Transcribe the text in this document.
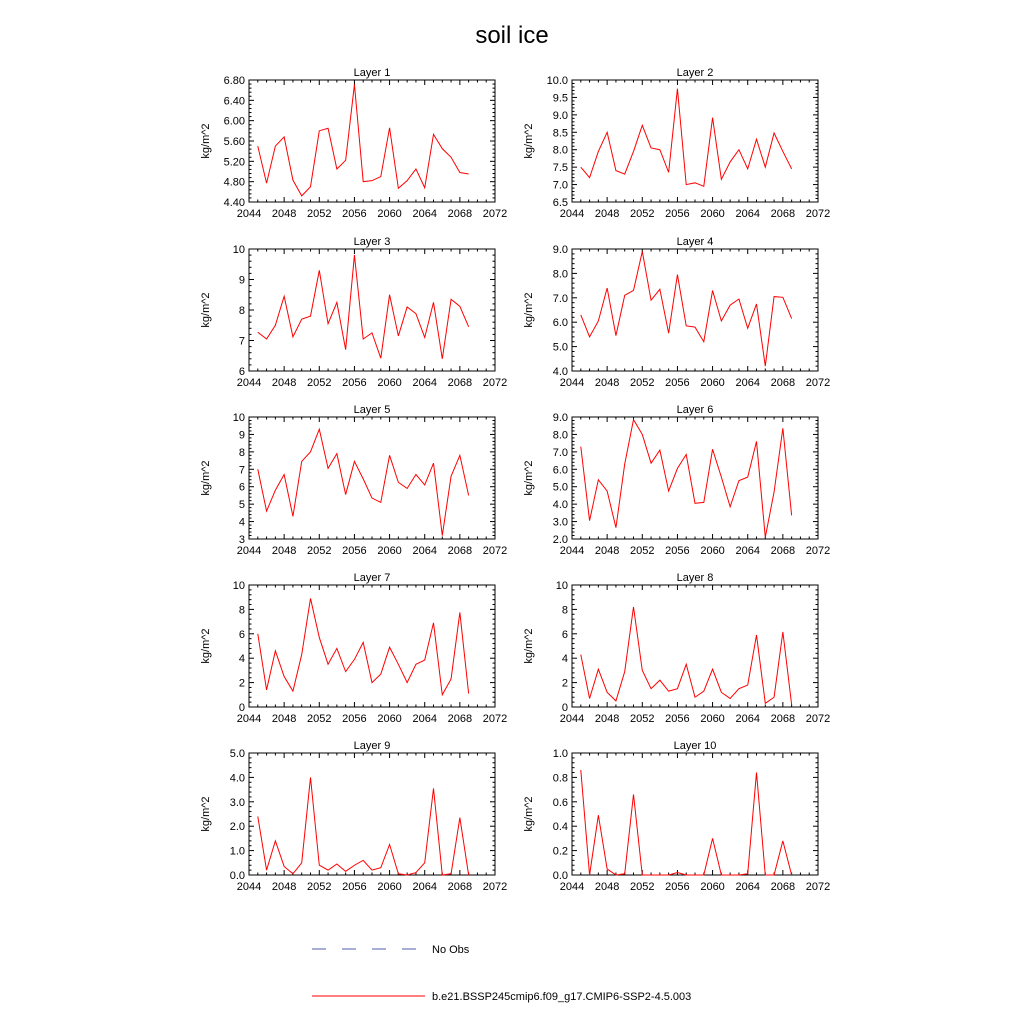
soil ice
Layer 1
kg/m^2
2044 2048 2052 2056 2060 2064 2068 2072
4.40
4.80
5.20
5.60
6.00
6.40
6.80
Layer 2
kg/m^2
2044 2048 2052 2056 2060 2064 2068 2072
6.5
7.0
7.5
8.0
8.5
9.0
9.5
10.0
Layer 3
kg/m^2
2044 2048 2052 2056 2060 2064 2068 2072
6
7
8
9
10
Layer 4
kg/m^2
2044 2048 2052 2056 2060 2064 2068 2072
4.0
5.0
6.0
7.0
8.0
9.0
Layer 5
kg/m^2
2044 2048 2052 2056 2060 2064 2068 2072
3
4
5
6
7
8
9
10
Layer 6
kg/m^2
2044 2048 2052 2056 2060 2064 2068 2072
2.0
3.0
4.0
5.0
6.0
7.0
8.0
9.0
Layer 7
kg/m^2
2044 2048 2052 2056 2060 2064 2068 2072
0
2
4
6
8
10
Layer 8
kg/m^2
2044 2048 2052 2056 2060 2064 2068 2072
0
2
4
6
8
10
Layer 9
kg/m^2
2044 2048 2052 2056 2060 2064 2068 2072
0.0
1.0
2.0
3.0
4.0
5.0
Layer 10
kg/m^2
2044 2048 2052 2056 2060 2064 2068 2072
0.0
0.2
0.4
0.6
0.8
1.0
No Obs
b.e21.BSSP245cmip6.f09_g17.CMIP6-SSP2-4.5.003
